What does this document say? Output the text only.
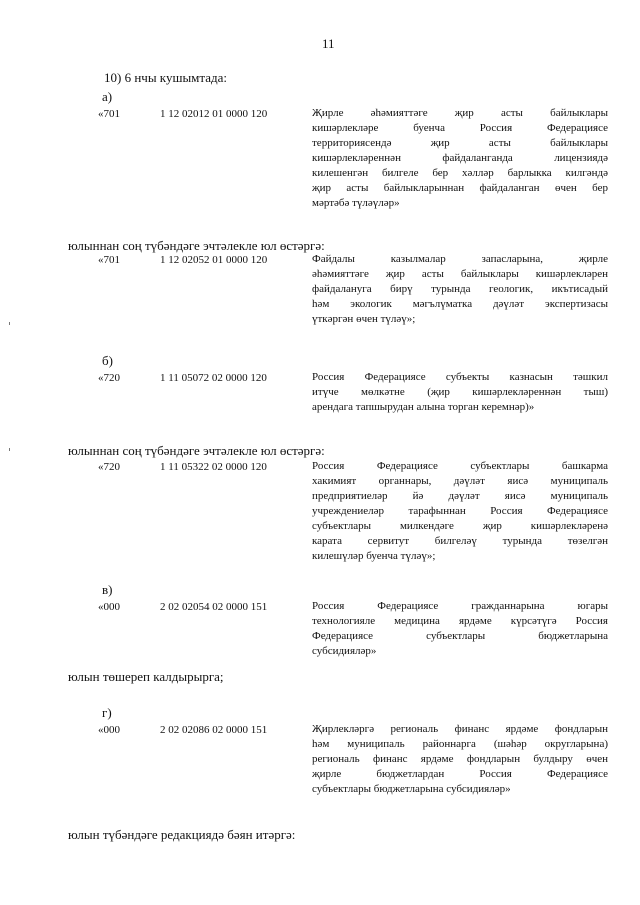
11
10) 6 нчы кушымтада:
а)
«701	1 12 02012 01 0000 120	Җирле әһәмияттәге җир асты байлыклары
кишәрлекләре буенча Россия Федерациясе
территориясендә җир асты байлыклары
кишәрлекләреннән файдаланганда лицензиядә
килешенгән билгеле бер хәлләр барлыкка килгәндә
җир асты байлыкларыннан файдаланган өчен бер
мәртәбә түләүләр»
юлыннан соң түбәндәге эчтәлекле юл өстәргә:
«701	1 12 02052 01 0000 120	Файдалы казылмалар запасларына, җирле
әһәмияттәге җир асты байлыклары кишәрлекләрен
файдалануга бирү турында геологик, икътисадый
һәм экологик мәгълүматка дәүләт экспертизасы
үткәргән өчен түләү»;
б)
«720	1 11 05072 02 0000 120	Россия Федерациясе субъекты казнасын тәшкил
итүче мөлкәтне (җир кишәрлекләреннән тыш)
арендага тапшырудан алына торган керемнәр)»
юлыннан соң түбәндәге эчтәлекле юл өстәргә:
«720	1 11 05322 02 0000 120	Россия Федерациясе субъектлары башкарма
хакимият органнары, дәүләт яисә муниципаль
предприятиеләр йә дәүләт яисә муниципаль
учреждениеләр тарафыннан Россия Федерациясе
субъектлары милкендәге җир кишәрлекләренә
карата сервитут билгеләү турында төзелгән
килешүләр буенча түләү»;
в)
«000	2 02 02054 02 0000 151	Россия Федерациясе гражданнарына югары
технологияле медицина ярдәме күрсәтүгә Россия
Федерациясе субъектлары бюджетларына
субсидияләр»
юлын төшереп калдырырга;
г)
«000	2 02 02086 02 0000 151	Җирлекләргә региональ финанс ярдәме фондларын
һәм муниципаль районнарга (шәһәр округларына)
региональ финанс ярдәме фондларын булдыру өчен
җирле бюджетлардан Россия Федерациясе
субъектлары бюджетларына субсидияләр»
юлын түбәндәге редакциядә бәян итәргә:
